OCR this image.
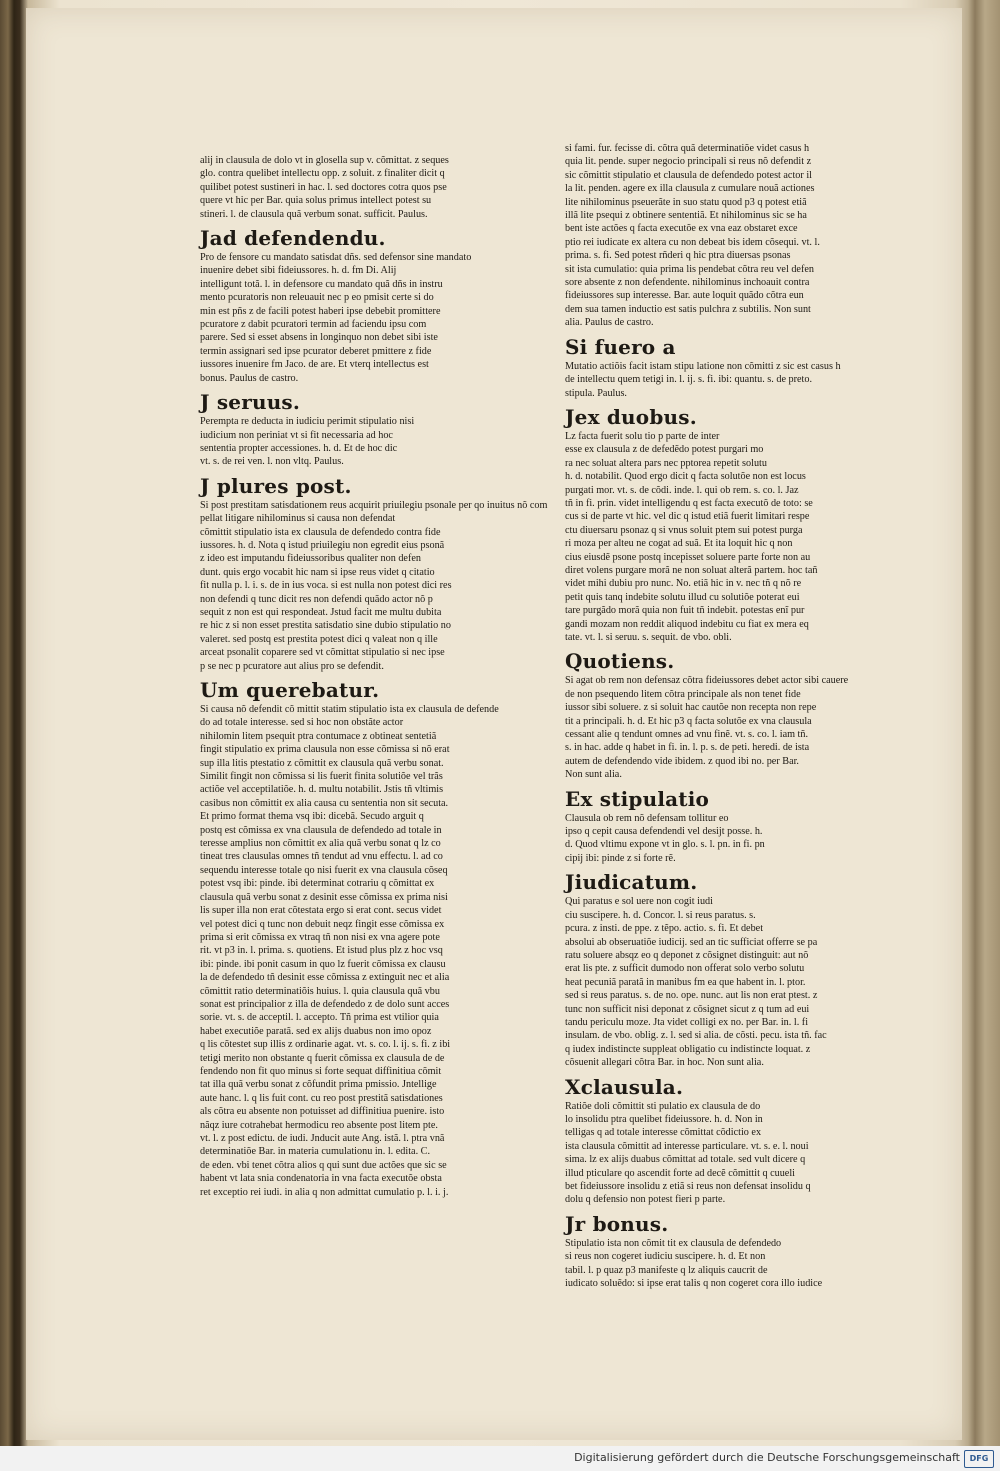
alij in clausula de dolo vt in glosella sup v. cõmittat. z seques
glo. contra quelibet intellectu opp. z soluit. z finaliter dicit q
quilibet potest sustineri in hac. l. sed doctores cotra quos pse
quere vt hic per Bar. quia solus primus intellect potest su
stineri. l. de clausula quã verbum sonat. sufficit. Paulus.
Jad defendendu.
Pro de fensore cu mandato satisdat dñs. sed defensor sine mandato
inuenire debet sibi fideiussores. h. d. fm Di. Alij
intelligunt totã. l. in defensore cu mandato quã dñs in instru
mento pcuratoris non releuauit nec p eo pmisit certe si do
min est pñs z de facili potest haberi ipse debebit promittere
pcuratore z dabit pcuratori termin ad faciendu ipsu com
parere. Sed si esset absens in longinquo non debet sibi iste
termin assignari sed ipse pcurator deberet pmittere z fide
iussores inuenire fm Jaco. de are. Et vterq intellectus est
bonus. Paulus de castro.
J seruus.
Perempta re deducta in iudiciu perimit stipulatio nisi
iudicium non periniat vt si fit necessaria ad hoc
sententia propter accessiones. h. d. Et de hoc dic
vt. s. de rei ven. l. non vltq. Paulus.
J plures post.
Si post prestitam satisdationem reus acquirit priuilegiu psonale per qo inuitus nõ com
pellat litigare nihilominus si causa non defendat
cõmittit stipulatio ista ex clausula de defendedo contra fide
iussores. h. d. Nota q istud priuilegiu non egredit eius psonã
z ideo est imputandu fideiussoribus qualiter non defen
dunt. quis ergo vocabit hic nam si ipse reus videt q citatio
fit nulla p. l. i. s. de in ius voca. si est nulla non potest dici res
non defendi q tunc dicit res non defendi quãdo actor nõ p
sequit z non est qui respondeat. Jstud facit me multu dubita
re hic z si non esset prestita satisdatio sine dubio stipulatio no
valeret. sed postq est prestita potest dici q valeat non q ille
arceat psonalit coparere sed vt cõmittat stipulatio si nec ipse
p se nec p pcuratore aut alius pro se defendit.
Um querebatur.
Si causa nõ defendit cõ mittit statim stipulatio ista ex clausula de defende
do ad totale interesse. sed si hoc non obstãte actor
nihilomin litem psequit ptra contumace z obtineat sentetiã
fingit stipulatio ex prima clausula non esse cõmissa si nõ erat
sup illa litis ptestatio z cõmittit ex clausula quã verbu sonat.
Similit fingit non cõmissa si lis fuerit finita solutiõe vel trãs
actiõe vel acceptilatiõe. h. d. multu notabilit. Jstis tñ vltimis
casibus non cõmittit ex alia causa cu sententia non sit secuta.
Et primo format thema vsq ibi: dicebã. Secudo arguit q
postq est cõmissa ex vna clausula de defendedo ad totale in
teresse amplius non cõmittit ex alia quã verbu sonat q lz co
tineat tres clausulas omnes tñ tendut ad vnu effectu. l. ad co
sequendu interesse totale qo nisi fuerit ex vna clausula cõseq
potest vsq ibi: pinde. ibi determinat cotrariu q cõmittat ex
clausula quã verbu sonat z desinit esse cõmissa ex prima nisi
lis super illa non erat cõtestata ergo si erat cont. secus videt
vel potest dici q tunc non debuit neqz fingit esse cõmissa ex
prima si erit cõmissa ex vtraq tñ non nisi ex vna agere pote
rit. vt p3 in. l. prima. s. quotiens. Et istud plus plz z hoc vsq
ibi: pinde. ibi ponit casum in quo lz fuerit cõmissa ex clausu
la de defendedo tñ desinit esse cõmissa z extinguit nec et alia
cõmittit ratio determinatiõis huius. l. quia clausula quã vbu
sonat est principalior z illa de defendedo z de dolo sunt acces
sorie. vt. s. de acceptil. l. accepto. Tñ prima est vtilior quia
habet executiõe paratã. sed ex alijs duabus non imo opoz
q lis cõtestet sup illis z ordinarie agat. vt. s. co. l. ij. s. fi. z ibi
tetigi merito non obstante q fuerit cõmissa ex clausula de de
fendendo non fit quo minus si forte sequat diffinitiua cõmit
tat illa quã verbu sonat z cõfundit prima pmissio. Jntellige
aute hanc. l. q lis fuit cont. cu reo post prestitã satisdationes
als cõtra eu absente non potuisset ad diffinitiua puenire. isto
nãqz iure cotrahebat hermodicu reo absente post litem pte.
vt. l. z post edictu. de iudi. Jnducit aute Ang. istã. l. ptra vnã
determinatiõe Bar. in materia cumulationu in. l. edita. C.
de eden. vbi tenet cõtra alios q qui sunt due actões que sic se
habent vt lata snia condenatoria in vna facta executõe obsta
ret exceptio rei iudi. in alia q non admittat cumulatio p. l. i. j.
si fami. fur. fecisse di. cõtra quã determinatiõe videt casus h
quia lit. pende. super negocio principali si reus nõ defendit z
sic cõmittit stipulatio et clausula de defendedo potest actor il
la lit. penden. agere ex illa clausula z cumulare nouã actiones
lite nihilominus pseuerãte in suo statu quod p3 q potest etiã
illã lite psequi z obtinere sententiã. Et nihilominus sic se ha
bent iste actões q facta executõe ex vna eaz obstaret exce
ptio rei iudicate ex altera cu non debeat bis idem cõsequi. vt. l.
prima. s. fi. Sed potest rñderi q hic ptra diuersas psonas
sit ista cumulatio: quia prima lis pendebat cõtra reu vel defen
sore absente z non defendente. nihilominus inchoauit contra
fideiussores sup interesse. Bar. aute loquit quãdo cõtra eun
dem sua tamen inductio est satis pulchra z subtilis. Non sunt
alia. Paulus de castro.
Si fuero a
Mutatio actiõis facit istam stipu latione non cõmitti z sic est casus h
de intellectu quem tetigi in. l. ij. s. fi. ibi: quantu. s. de preto.
stipula. Paulus.
Jex duobus.
Lz facta fuerit solu tio p parte de inter
esse ex clausula z de defedẽdo potest purgari mo
ra nec soluat altera pars nec pptorea repetit solutu
h. d. notabilit. Quod ergo dicit q facta solutõe non est locus
purgati mor. vt. s. de cõdi. inde. l. qui ob rem. s. co. l. Jaz
tñ in fi. prin. videt intelligendu q est facta executõ de toto: se
cus si de parte vt hic. vel dic q istud etiã fuerit limitari respe
ctu diuersaru psonaz q si vnus soluit ptem sui potest purga
ri moza per alteu ne cogat ad suã. Et ita loquit hic q non
cius eiusdẽ psone postq incepisset soluere parte forte non au
diret volens purgare morã ne non soluat alterã partem. hoc tañ
videt mihi dubiu pro nunc. No. etiã hic in v. nec tñ q nõ re
petit quis tanq indebite solutu illud cu solutiõe poterat eui
tare purgãdo morã quia non fuit tñ indebit. potestas enĩ pur
gandi mozam non reddit aliquod indebitu cu fiat ex mera eq
tate. vt. l. si seruu. s. sequit. de vbo. obli.
Quotiens.
Si agat ob rem non defensaz cõtra fideiussores debet actor sibi cauere
de non psequendo litem cõtra principale als non tenet fide
iussor sibi soluere. z si soluit hac cautõe non recepta non repe
tit a principali. h. d. Et hic p3 q facta solutõe ex vna clausula
cessant alie q tendunt omnes ad vnu finẽ. vt. s. co. l. iam tñ.
s. in hac. adde q habet in fi. in. l. p. s. de peti. heredi. de ista
autem de defendendo vide ibidem. z quod ibi no. per Bar.
Non sunt alia.
Ex stipulatio
Clausula ob rem nõ defensam tollitur eo
ipso q cepit causa defendendi vel desijt posse. h.
d. Quod vltimu expone vt in glo. s. l. pn. in fi. pn
cipij ibi: pinde z si forte rẽ.
Jiudicatum.
Qui paratus e sol uere non cogit iudi
ciu suscipere. h. d. Concor. l. si reus paratus. s.
pcura. z insti. de ppe. z tẽpo. actio. s. fi. Et debet
absolui ab obseruatiõe iudicij. sed an tic sufficiat offerre se pa
ratu soluere absqz eo q deponet z cõsignet distinguit: aut nõ
erat lis pte. z sufficit dumodo non offerat solo verbo solutu
heat pecuniã paratã in manibus fm ea que habent in. l. ptor.
sed si reus paratus. s. de no. ope. nunc. aut lis non erat ptest. z
tunc non sufficit nisi deponat z cõsignet sicut z q tum ad eui
tandu periculu moze. Jta videt colligi ex no. per Bar. in. l. fi
insulam. de vbo. oblig. z. l. sed si alia. de cõsti. pecu. ista tñ. fac
q iudex indistincte suppleat obligatio cu indistincte loquat. z
cõsuenit allegari cõtra Bar. in hoc. Non sunt alia.
Xclausula.
Ratiõe doli cõmittit sti pulatio ex clausula de do
lo insolidu ptra quelibet fideiussore. h. d. Non in
telligas q ad totale interesse cõmittat cõdictio ex
ista clausula cõmittit ad interesse particulare. vt. s. e. l. noui
sima. lz ex alijs duabus cõmittat ad totale. sed vult dicere q
illud pticulare qo ascendit forte ad decẽ cõmittit q cuueli
bet fideiussore insolidu z etiã si reus non defensat insolidu q
dolu q defensio non potest fieri p parte.
Jr bonus.
Stipulatio ista non cõmit tit ex clausula de defendedo
si reus non cogeret iudiciu suscipere. h. d. Et non
tabil. l. p quaz p3 manifeste q lz aliquis caucrit de
iudicato soluẽdo: si ipse erat talis q non cogeret cora illo iudice
Digitalisierung gefördert durch die Deutsche Forschungsgemeinschaft	DFG
